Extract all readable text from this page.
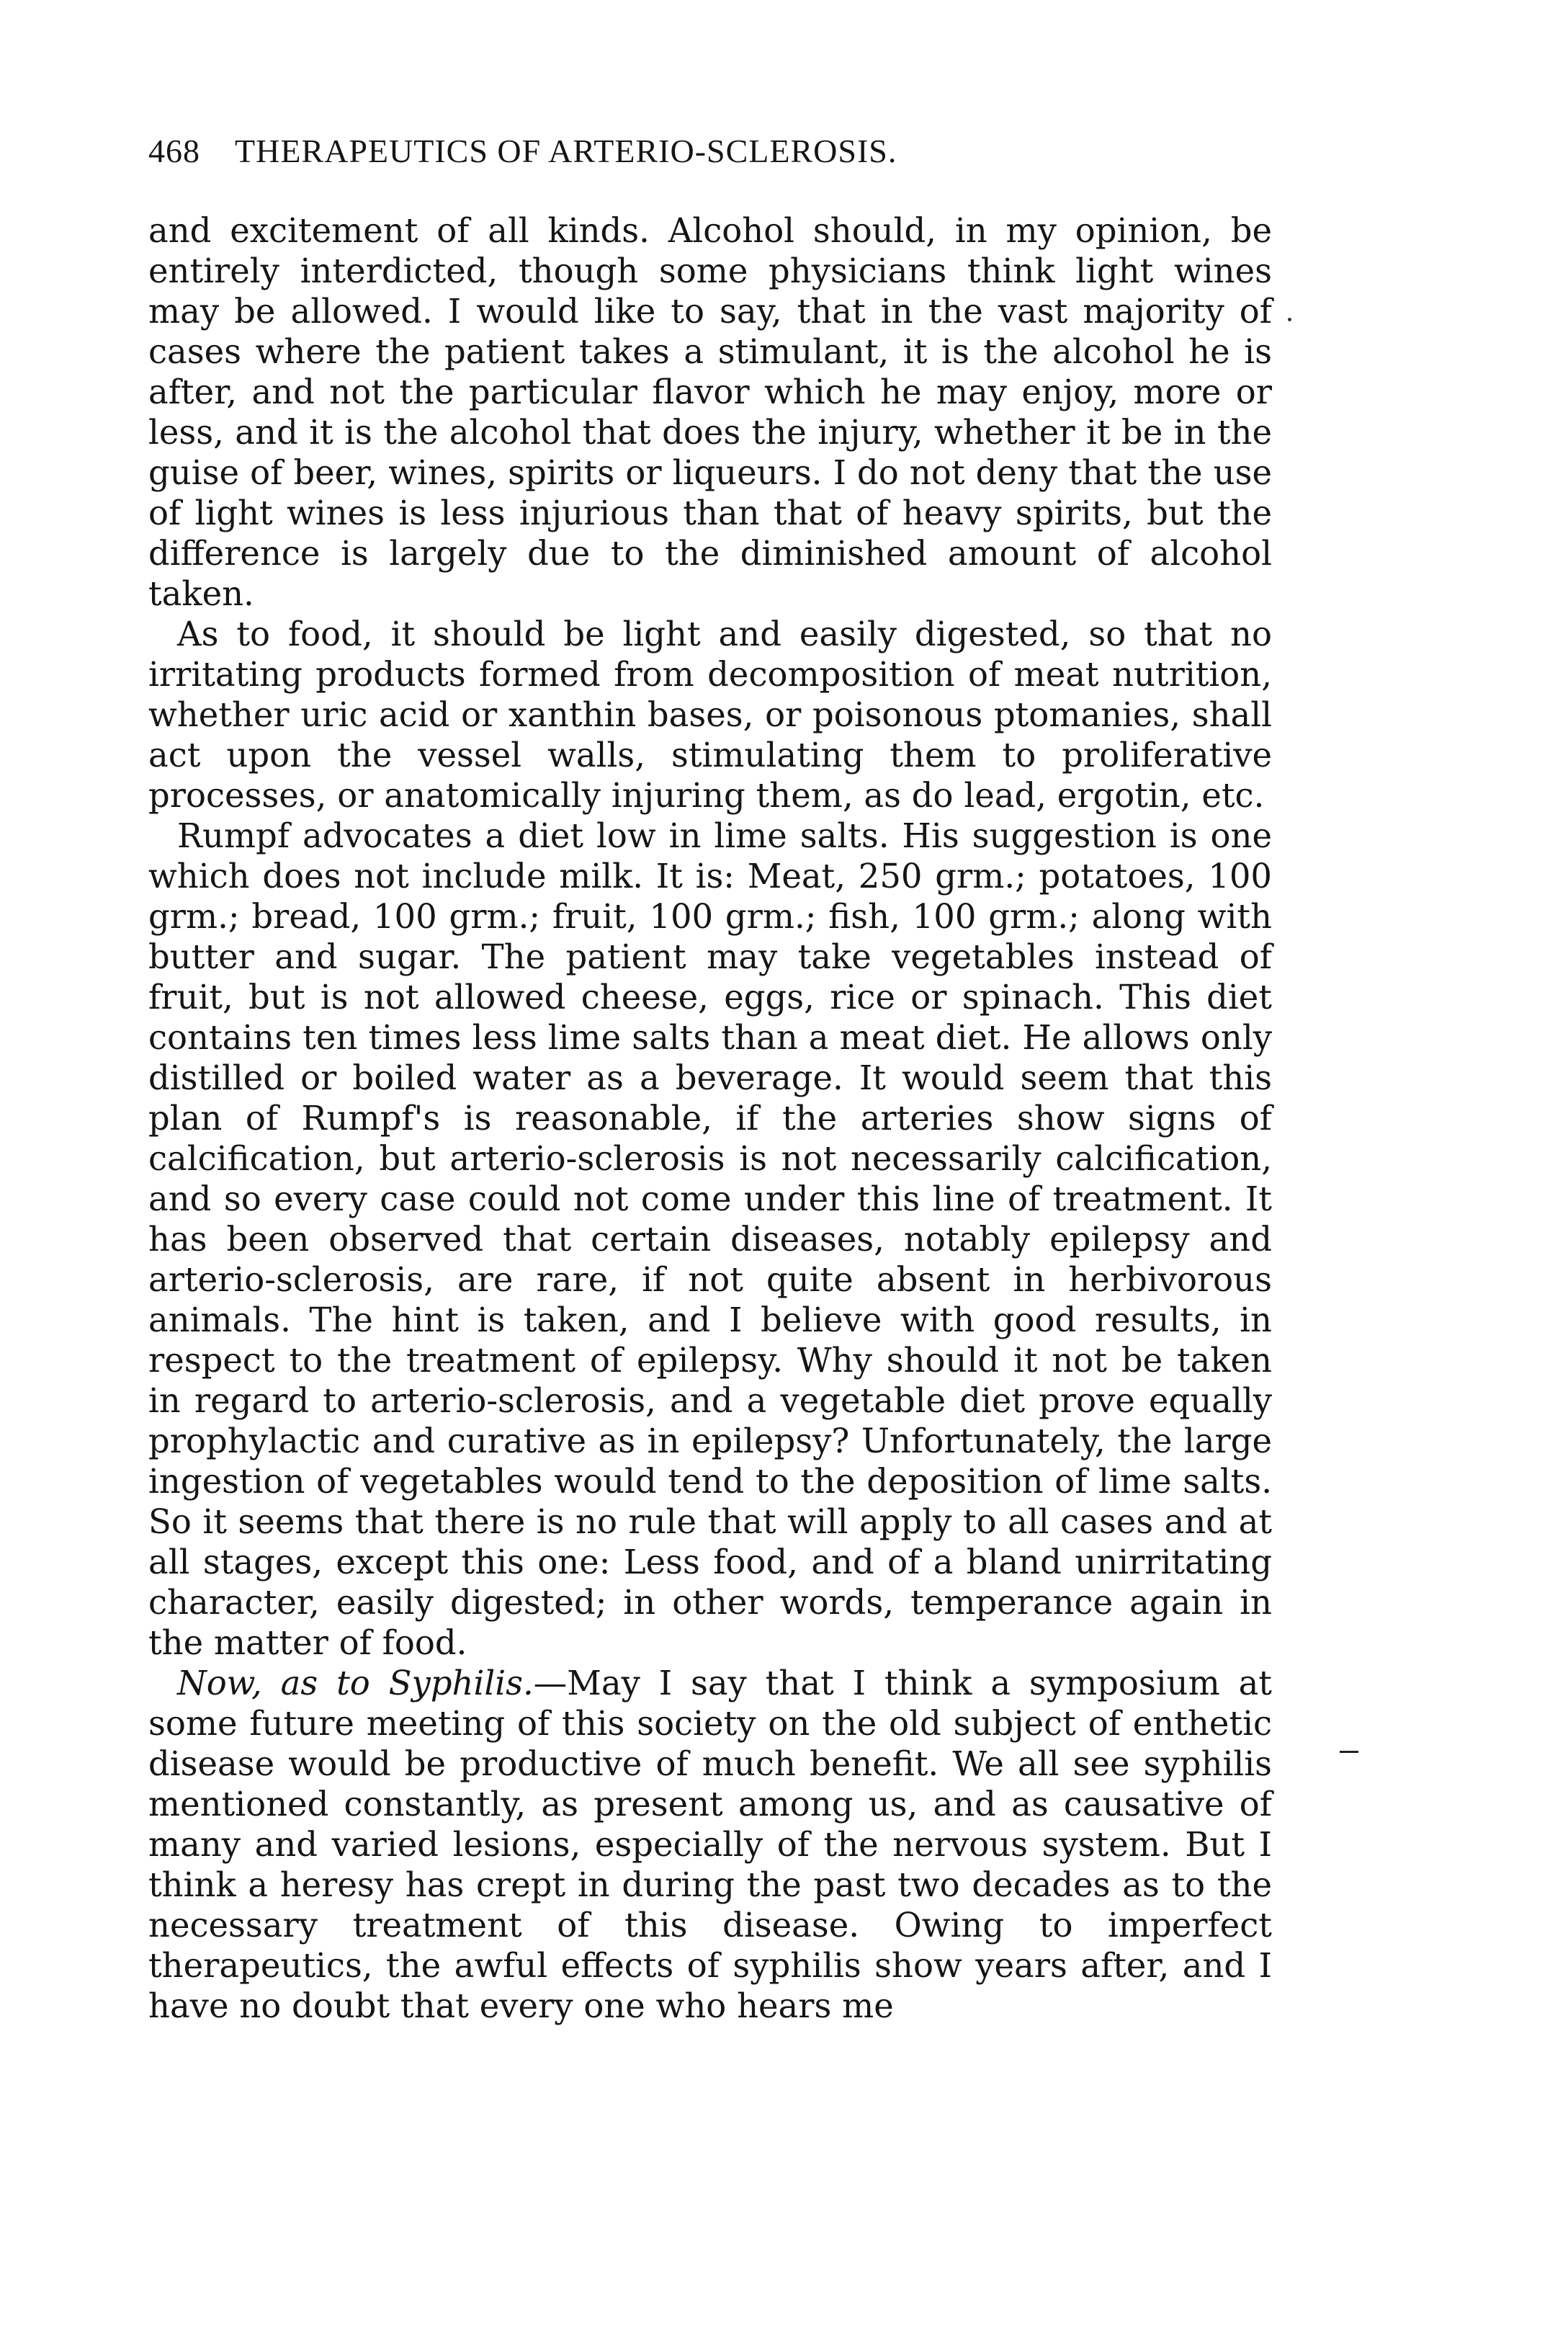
468 THERAPEUTICS OF ARTERIO-SCLEROSIS.

and excitement of all kinds. Alcohol should, in my opinion, be entirely interdicted, though some physicians think light wines may be allowed. I would like to say, that in the vast majority of cases where the patient takes a stimulant, it is the alcohol he is after, and not the particular flavor which he may enjoy, more or less, and it is the alcohol that does the injury, whether it be in the guise of beer, wines, spirits or liqueurs. I do not deny that the use of light wines is less injurious than that of heavy spirits, but the difference is largely due to the diminished amount of alcohol taken.

As to food, it should be light and easily digested, so that no irritating products formed from decomposition of meat nutrition, whether uric acid or xanthin bases, or poisonous ptomanies, shall act upon the vessel walls, stimulating them to proliferative processes, or anatomically injuring them, as do lead, ergotin, etc.

Rumpf advocates a diet low in lime salts. His suggestion is one which does not include milk. It is: Meat, 250 grm.; potatoes, 100 grm.; bread, 100 grm.; fruit, 100 grm.; fish, 100 grm.; along with butter and sugar. The patient may take vegetables instead of fruit, but is not allowed cheese, eggs, rice or spinach. This diet contains ten times less lime salts than a meat diet. He allows only distilled or boiled water as a beverage. It would seem that this plan of Rumpf's is reasonable, if the arteries show signs of calcification, but arterio-sclerosis is not necessarily calcification, and so every case could not come under this line of treatment. It has been observed that certain diseases, notably epilepsy and arterio-sclerosis, are rare, if not quite absent in herbivorous animals. The hint is taken, and I believe with good results, in respect to the treatment of epilepsy. Why should it not be taken in regard to arterio-sclerosis, and a vegetable diet prove equally prophylactic and curative as in epilepsy? Unfortunately, the large ingestion of vegetables would tend to the deposition of lime salts. So it seems that there is no rule that will apply to all cases and at all stages, except this one: Less food, and of a bland unirritating character, easily digested; in other words, temperance again in the matter of food.

Now, as to Syphilis.—May I say that I think a symposium at some future meeting of this society on the old subject of enthetic disease would be productive of much benefit. We all see syphilis mentioned constantly, as present among us, and as causative of many and varied lesions, especially of the nervous system. But I think a heresy has crept in during the past two decades as to the necessary treatment of this disease. Owing to imperfect therapeutics, the awful effects of syphilis show years after, and I have no doubt that every one who hears me
